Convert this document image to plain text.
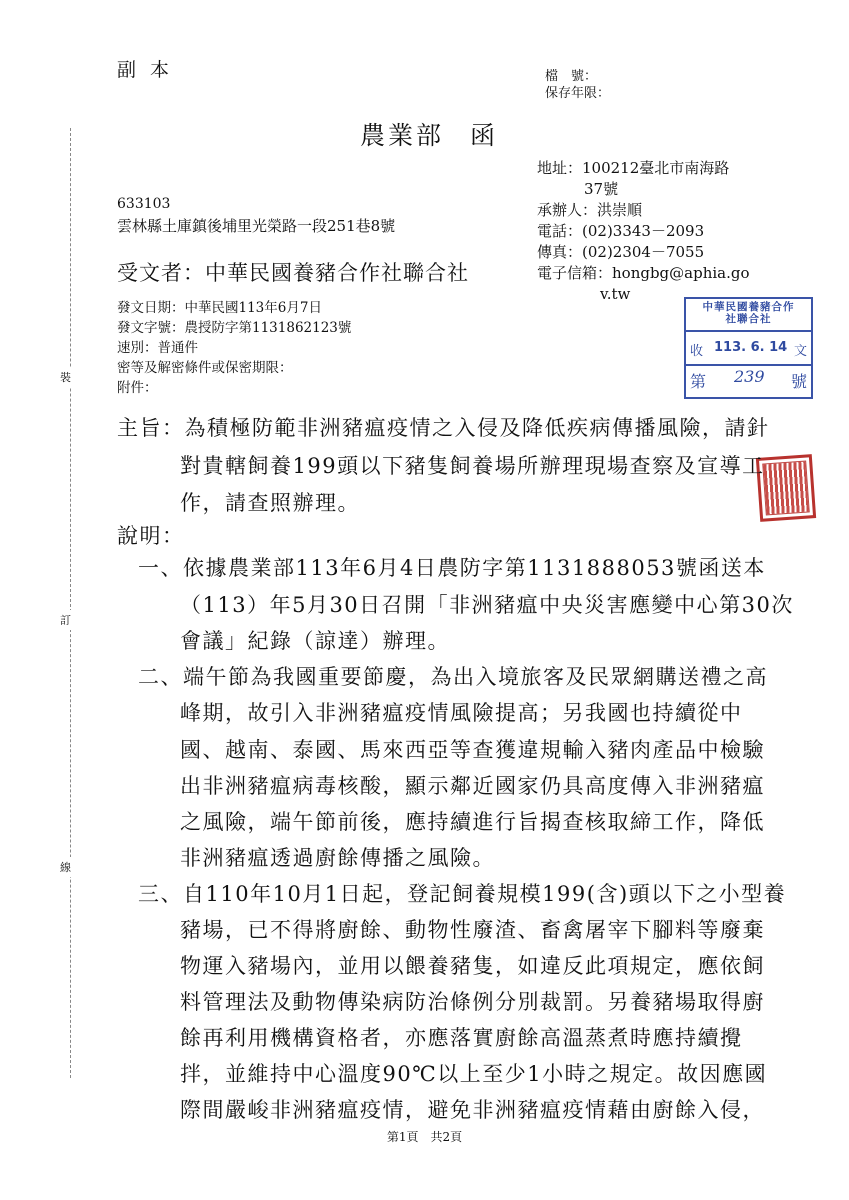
裝
訂
線
副本	檔　號：
保存年限：
農業部 函
地址：100212臺北市南海路
37號
承辦人：洪崇順
電話：(02)3343－2093
傳真：(02)2304－7055
電子信箱：hongbg@aphia.go
v.tw
633103
雲林縣土庫鎮後埔里光榮路一段251巷8號
受文者：中華民國養豬合作社聯合社
發文日期：中華民國113年6月7日
發文字號：農授防字第1131862123號
速別：普通件
密等及解密條件或保密期限：
附件：
中華民國養豬合作社聯合社
收 113. 6. 14 文
第 239 號
主旨：為積極防範非洲豬瘟疫情之入侵及降低疾病傳播風險，請針
對貴轄飼養199頭以下豬隻飼養場所辦理現場查察及宣導工
作，請查照辦理。
說明：
一、依據農業部113年6月4日農防字第1131888053號函送本
（113）年5月30日召開「非洲豬瘟中央災害應變中心第30次
會議」紀錄（諒達）辦理。
二、端午節為我國重要節慶，為出入境旅客及民眾網購送禮之高
峰期，故引入非洲豬瘟疫情風險提高；另我國也持續從中
國、越南、泰國、馬來西亞等查獲違規輸入豬肉產品中檢驗
出非洲豬瘟病毒核酸，顯示鄰近國家仍具高度傳入非洲豬瘟
之風險，端午節前後，應持續進行旨揭查核取締工作，降低
非洲豬瘟透過廚餘傳播之風險。
三、自110年10月1日起，登記飼養規模199(含)頭以下之小型養
豬場，已不得將廚餘、動物性廢渣、畜禽屠宰下腳料等廢棄
物運入豬場內，並用以餵養豬隻，如違反此項規定，應依飼
料管理法及動物傳染病防治條例分別裁罰。另養豬場取得廚
餘再利用機構資格者，亦應落實廚餘高溫蒸煮時應持續攪
拌，並維持中心溫度90℃以上至少1小時之規定。故因應國
際間嚴峻非洲豬瘟疫情，避免非洲豬瘟疫情藉由廚餘入侵，
第1頁　共2頁
